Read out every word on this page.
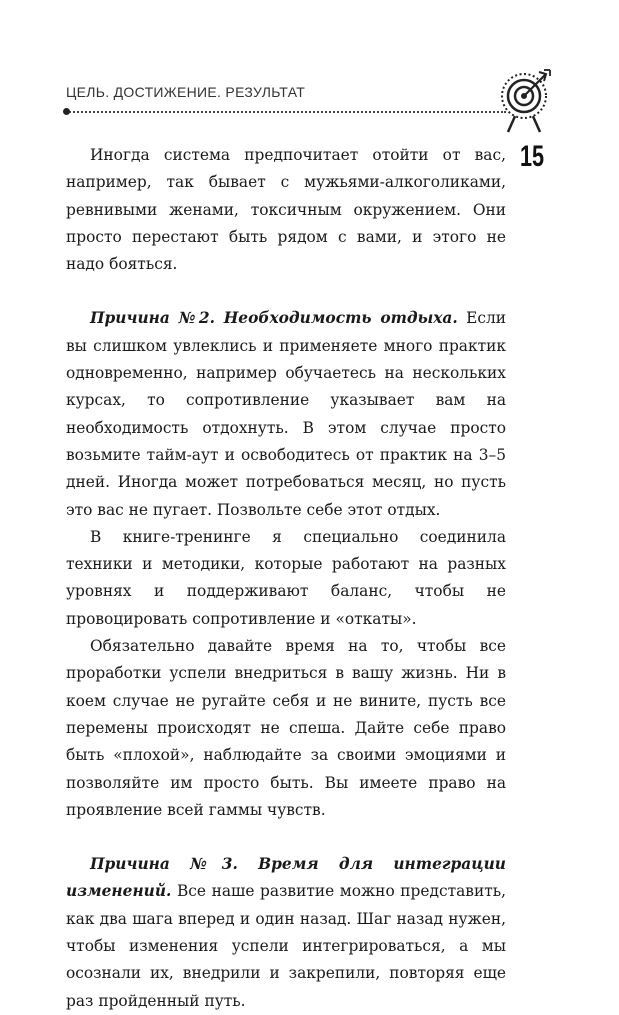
ЦЕЛЬ. ДОСТИЖЕНИЕ. РЕЗУЛЬТАТ
15

Иногда система предпочитает отойти от вас, например, так бывает с мужьями-алкоголиками, ревнивыми женами, токсичным окружением. Они просто перестают быть рядом с вами, и этого не надо бояться.

Причина №2. Необходимость отдыха. Если вы слишком увлеклись и применяете много практик одновременно, например обучаетесь на нескольких курсах, то сопротивление указывает вам на необходимость отдохнуть. В этом случае просто возьмите тайм-аут и освободитесь от практик на 3–5 дней. Иногда может потребоваться месяц, но пусть это вас не пугает. Позвольте себе этот отдых.

В книге-тренинге я специально соединила техники и методики, которые работают на разных уровнях и поддерживают баланс, чтобы не провоцировать сопротивление и «откаты».

Обязательно давайте время на то, чтобы все проработки успели внедриться в вашу жизнь. Ни в коем случае не ругайте себя и не вините, пусть все перемены происходят не спеша. Дайте себе право быть «плохой», наблюдайте за своими эмоциями и позволяйте им просто быть. Вы имеете право на проявление всей гаммы чувств.

Причина №3. Время для интеграции изменений. Все наше развитие можно представить, как два шага вперед и один назад. Шаг назад нужен, чтобы изменения успели интегрироваться, а мы осознали их, внедрили и закрепили, повторяя еще раз пройденный путь.
